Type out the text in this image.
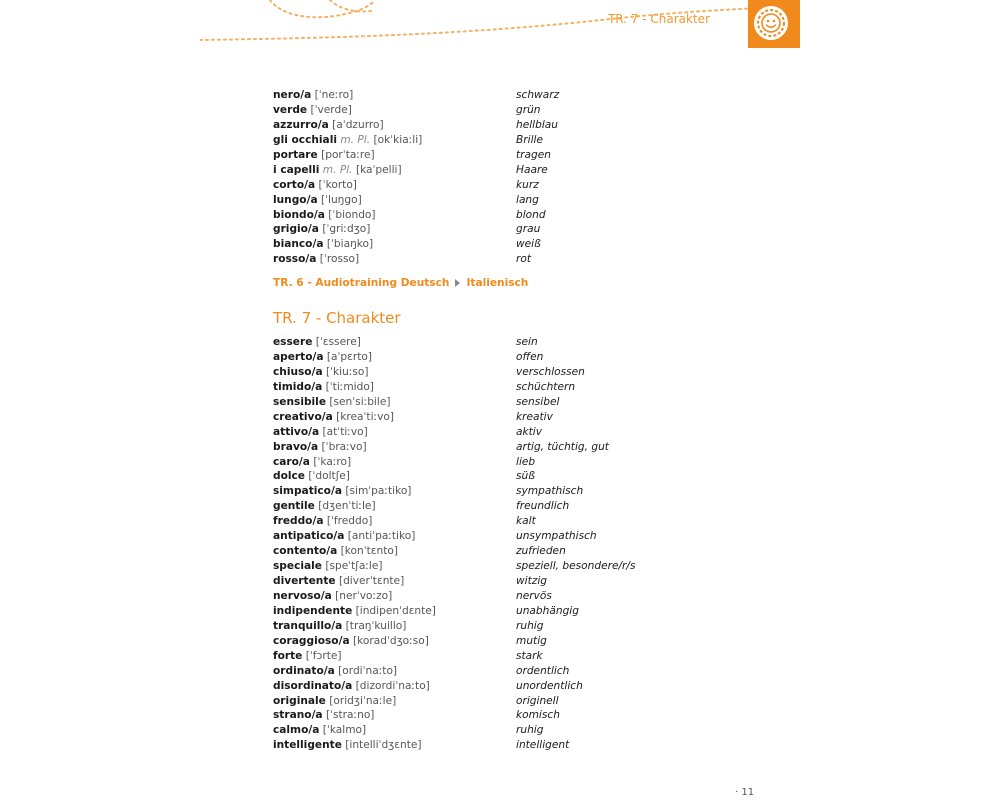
TR. 7 - Charakter
nero/a [ˈneːro]	schwarz
verde [ˈverde]	grün
azzurro/a [aˈdzurro]	hellblau
gli occhiali m. Pl. [okˈkiaːli]	Brille
portare [porˈtaːre]	tragen
i capelli m. Pl. [kaˈpelli]	Haare
corto/a [ˈkorto]	kurz
lungo/a [ˈluŋgo]	lang
biondo/a [ˈbiondo]	blond
grigio/a [ˈgriːdʒo]	grau
bianco/a [ˈbiaŋko]	weiß
rosso/a [ˈrosso]	rot
TR. 6 - Audiotraining Deutsch Italienisch
TR. 7 - Charakter
essere [ˈɛssere]	sein
aperto/a [aˈpɛrto]	offen
chiuso/a [ˈkiuːso]	verschlossen
timido/a [ˈtiːmido]	schüchtern
sensibile [senˈsiːbile]	sensibel
creativo/a [kreaˈtiːvo]	kreativ
attivo/a [atˈtiːvo]	aktiv
bravo/a [ˈbraːvo]	artig, tüchtig, gut
caro/a [ˈkaːro]	lieb
dolce [ˈdoltʃe]	süß
simpatico/a [simˈpaːtiko]	sympathisch
gentile [dʒenˈtiːle]	freundlich
freddo/a [ˈfreddo]	kalt
antipatico/a [antiˈpaːtiko]	unsympathisch
contento/a [konˈtɛnto]	zufrieden
speciale [speˈtʃaːle]	speziell, besondere/r/s
divertente [diverˈtɛnte]	witzig
nervoso/a [nerˈvoːzo]	nervös
indipendente [indipenˈdɛnte]	unabhängig
tranquillo/a [traŋˈkuillo]	ruhig
coraggioso/a [koradˈdʒoːso]	mutig
forte [ˈfɔrte]	stark
ordinato/a [ordiˈnaːto]	ordentlich
disordinato/a [dizordiˈnaːto]	unordentlich
originale [oridʒiˈnaːle]	originell
strano/a [ˈstraːno]	komisch
calmo/a [ˈkalmo]	ruhig
intelligente [intelliˈdʒɛnte]	intelligent
· 11
